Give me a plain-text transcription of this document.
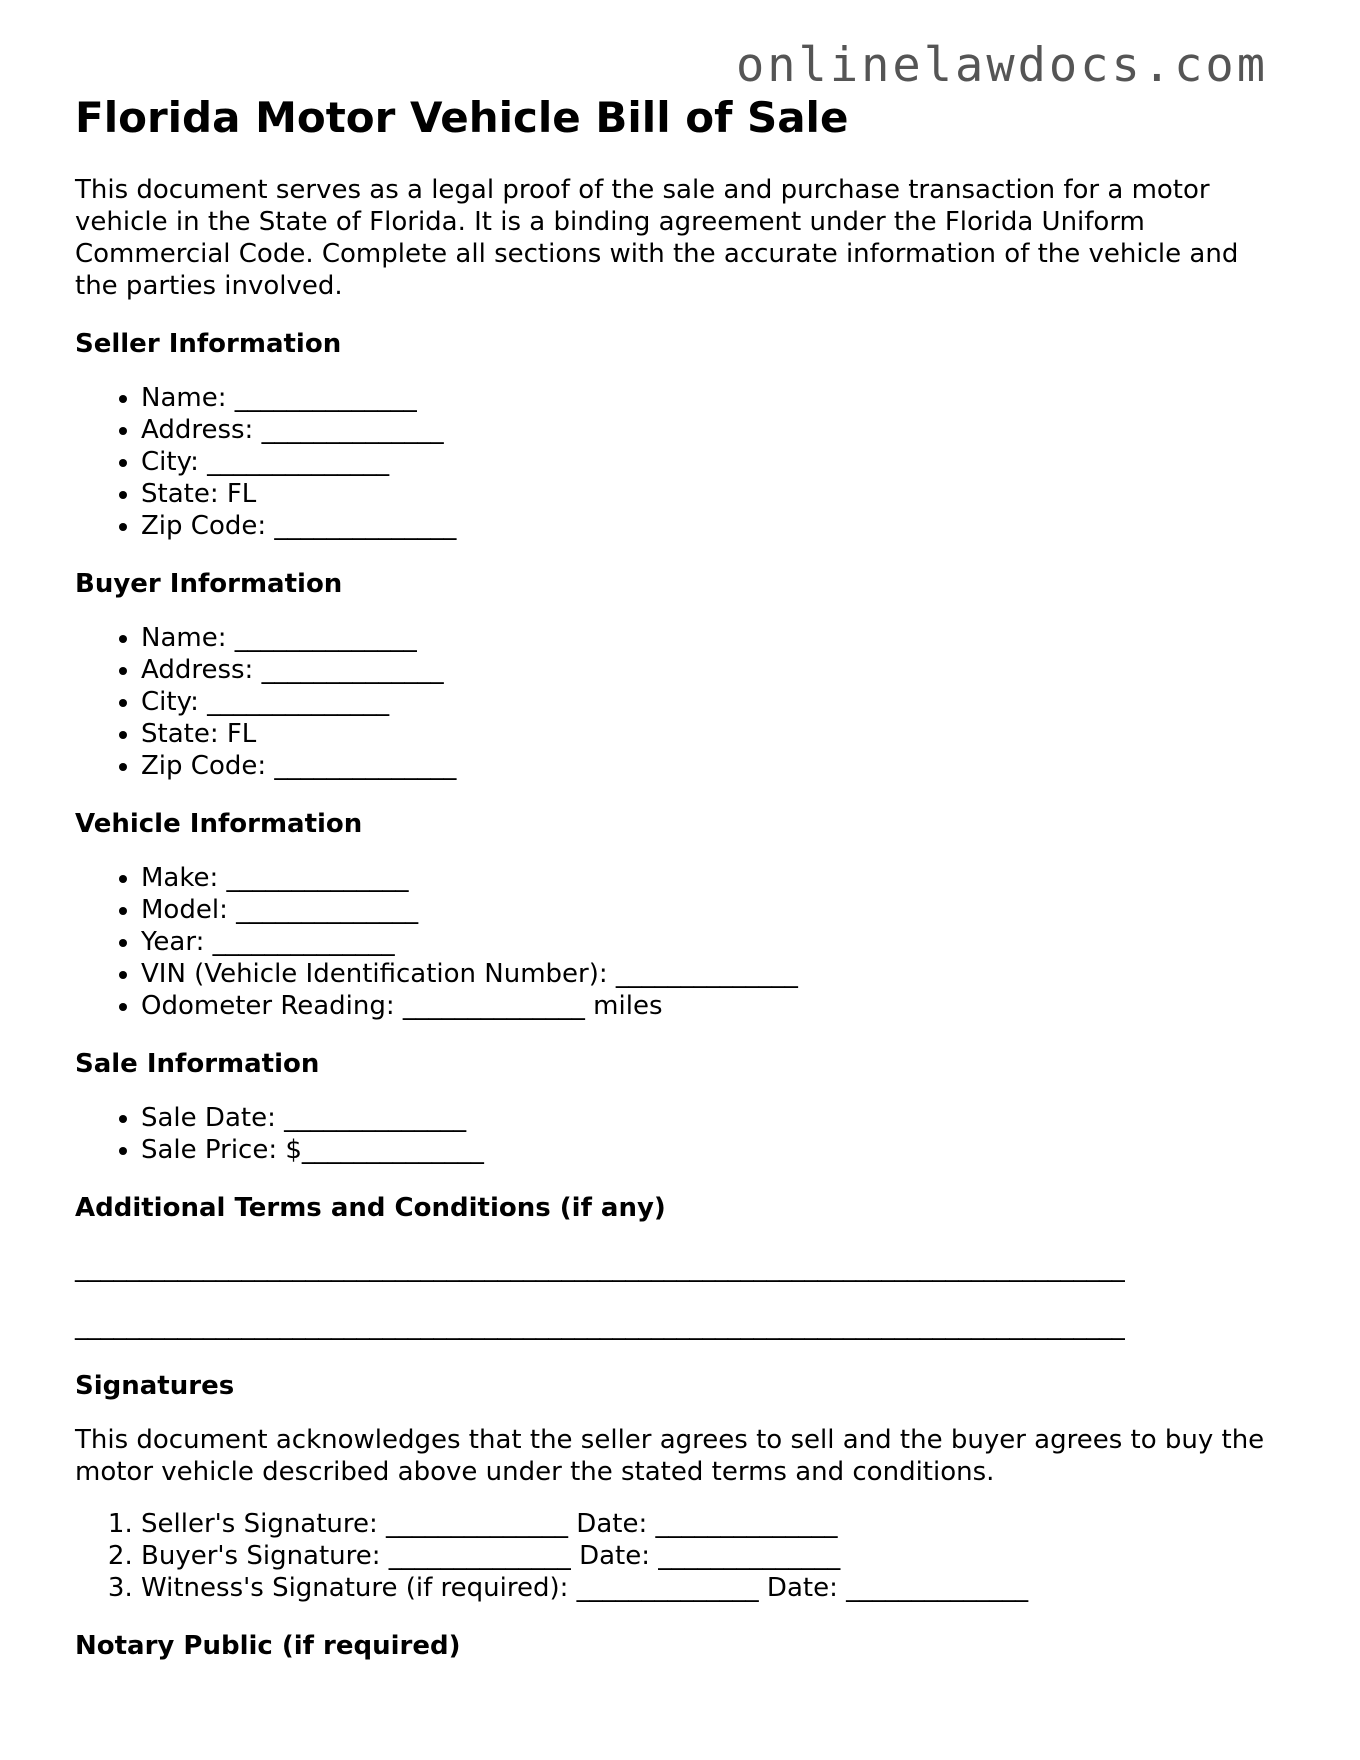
onlinelawdocs.com
Florida Motor Vehicle Bill of Sale

This document serves as a legal proof of the sale and purchase transaction for a motor vehicle in the State of Florida. It is a binding agreement under the Florida Uniform Commercial Code. Complete all sections with the accurate information of the vehicle and the parties involved.

Seller Information
• Name: ______________
• Address: ______________
• City: ______________
• State: FL
• Zip Code: ______________
Buyer Information
• Name: ______________
• Address: ______________
• City: ______________
• State: FL
• Zip Code: ______________
Vehicle Information
• Make: ______________
• Model: ______________
• Year: ______________
• VIN (Vehicle Identification Number): ______________
• Odometer Reading: ______________ miles
Sale Information
• Sale Date: ______________
• Sale Price: $______________
Additional Terms and Conditions (if any)
__________________________________________________________________________________
__________________________________________________________________________________
Signatures

This document acknowledges that the seller agrees to sell and the buyer agrees to buy the motor vehicle described above under the stated terms and conditions.

1. Seller's Signature: ______________ Date: ______________
2. Buyer's Signature: ______________ Date: ______________
3. Witness's Signature (if required): ______________ Date: ______________
Notary Public (if required)
